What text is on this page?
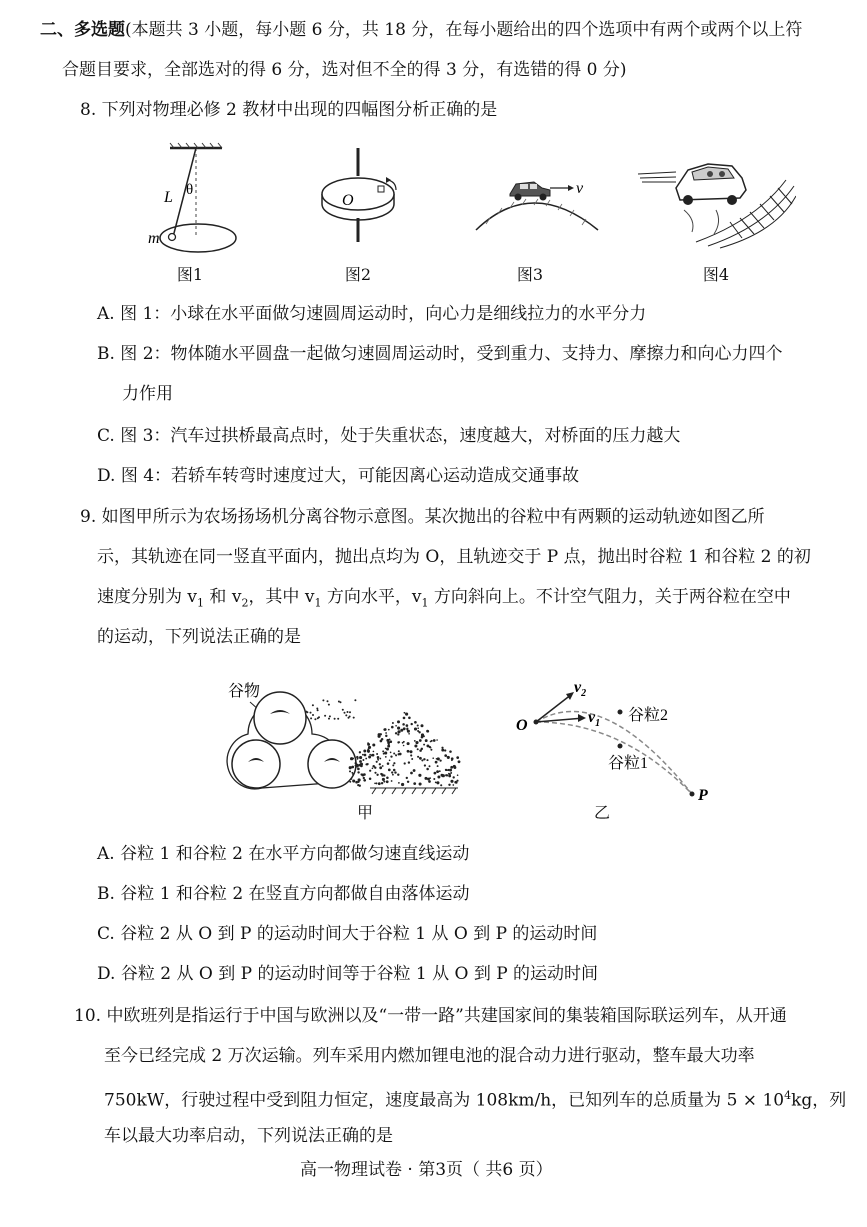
二、多选题(本题共 3 小题，每小题 6 分，共 18 分，在每小题给出的四个选项中有两个或两个以上符
合题目要求，全部选对的得 6 分，选对但不全的得 3 分，有选错的得 0 分)
8. 下列对物理必修 2 教材中出现的四幅图分析正确的是
L θ
m
图1
O
图2
v
图3	图4
A. 图 1：小球在水平面做匀速圆周运动时，向心力是细线拉力的水平分力
B. 图 2：物体随水平圆盘一起做匀速圆周运动时，受到重力、支持力、摩擦力和向心力四个
力作用
C. 图 3：汽车过拱桥最高点时，处于失重状态，速度越大，对桥面的压力越大
D. 图 4：若轿车转弯时速度过大，可能因离心运动造成交通事故
9. 如图甲所示为农场扬场机分离谷物示意图。某次抛出的谷粒中有两颗的运动轨迹如图乙所
示，其轨迹在同一竖直平面内，抛出点均为 O，且轨迹交于 P 点，抛出时谷粒 1 和谷粒 2 的初
速度分别为 $v_1$ 和 $v_2$，其中 $v_1$ 方向水平，$v_1$ 方向斜向上。不计空气阻力，关于两谷粒在空中
的运动，下列说法正确的是
谷物
甲
O
P
$v_2$
$v_1$ 谷粒2
谷粒1
乙
A. 谷粒 1 和谷粒 2 在水平方向都做匀速直线运动
B. 谷粒 1 和谷粒 2 在竖直方向都做自由落体运动
C. 谷粒 2 从 O 到 P 的运动时间大于谷粒 1 从 O 到 P 的运动时间
D. 谷粒 2 从 O 到 P 的运动时间等于谷粒 1 从 O 到 P 的运动时间
10. 中欧班列是指运行于中国与欧洲以及“一带一路”共建国家间的集装箱国际联运列车，从开通
至今已经完成 2 万次运输。列车采用内燃加锂电池的混合动力进行驱动，整车最大功率
750kW，行驶过程中受到阻力恒定，速度最高为 108km/h，已知列车的总质量为 $5 \times 10^4kg$，列
车以最大功率启动，下列说法正确的是
高一物理试卷 · 第3页（ 共6 页）
